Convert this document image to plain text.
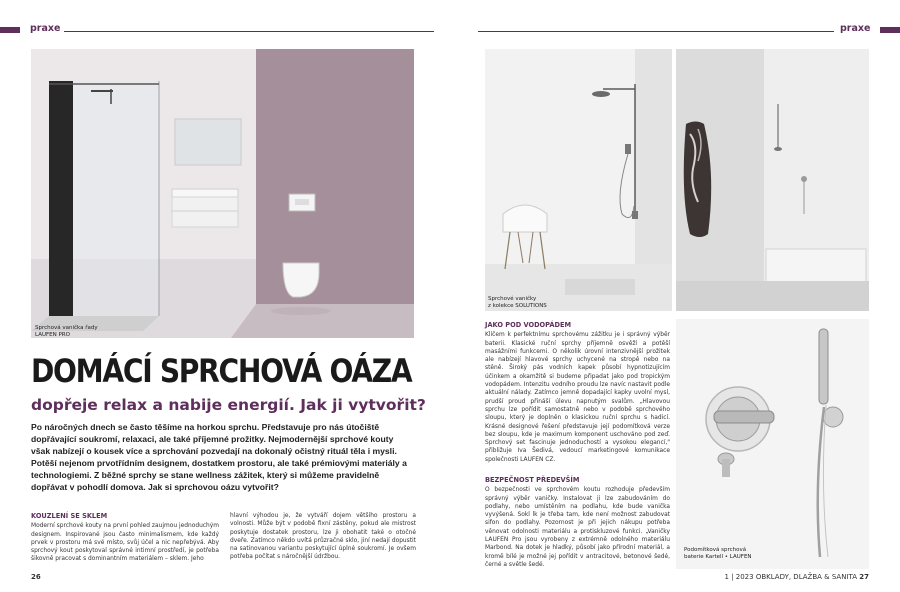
praxe	praxe
Sprchová vanička řady
LAUFEN PRO
Sprchové vaničky
z kolekce SOLUTIONS
Podomítková sprchová
baterie Kartell • LAUFEN
DOMÁCÍ SPRCHOVÁ OÁZA
dopřeje relax a nabije energií. Jak ji vytvořit?
Po náročných dnech se často těšíme na horkou sprchu. Představuje pro nás útočiště dopřávající soukromí, relaxaci, ale také příjemné prožitky. Nejmodernější sprchové kouty však nabízejí o kousek více a sprchování pozvedají na dokonalý očistný rituál těla i mysli. Potěší nejenom prvotřídním designem, dostatkem prostoru, ale také prémiovými materiály a technologiemi. Z běžné sprchy se stane wellness zážitek, který si můžeme pravidelně dopřávat v pohodlí domova. Jak si sprchovou oázu vytvořit?
KOUZLENÍ SE SKLEM

Moderní sprchové kouty na první pohled zaujmou jednoduchým designem. Inspirované jsou často minimalismem, kde každý prvek v prostoru má své místo, svůj účel a nic nepřebývá. Aby sprchový kout poskytoval správné intimní prostředí, je potřeba šikovně pracovat s dominantním materiálem – sklem. Jeho

hlavní výhodou je, že vytváří dojem většího prostoru a volnosti. Může být v podobě fixní zástěny, pokud ale mistrost poskytuje dostatek prostoru, lze ji obohatit také o otočné dveře. Zatímco někdo uvítá průzračné sklo, jiní nedají dopustit na satinovanou variantu poskytující úplné soukromí. Je ovšem potřeba počítat s náročnější údržbou.

JAKO POD VODOPÁDEM

Klíčem k perfektnímu sprchovému zážitku je i správný výběr baterii. Klasické ruční sprchy příjemně osvěží a potěší masážními funkcemi. O několik úrovní intenzivnější prožitek ale nabízejí hlavové sprchy uchycené na stropě nebo na stěně. Široký pás vodních kapek působí hypnotizujícím účinkem a okamžitě si budeme připadat jako pod tropickým vodopádem. Intenzitu vodního proudu lze navíc nastavit podle aktuální nálady. Zatímco jemně dopadající kapky uvolní mysl, prudší proud přináší úlevu napnutým svalům. „Hlavovou sprchu lze pořídit samostatně nebo v podobě sprchového sloupu, který je doplněn o klasickou ruční sprchu s hadicí. Krásné designové řešení představuje její podomítková verze bez sloupu, kde je maximum komponent uschováno pod zeď. Sprchový set fascinuje jednoduchostí a vysokou elegancí," přibližuje Iva Šedivá, vedoucí marketingové komunikace společnosti LAUFEN CZ.

BEZPEČNOST PŘEDEVŠÍM

O bezpečnosti ve sprchovém koutu rozhoduje především správný výběr vaničky. Instalovat ji lze zabudováním do podlahy, nebo umístěním na podlahu, kde bude vanička vyvýšená. Sokl lk je třeba tam, kde není možnost zabudovat sifon do podlahy. Pozornost je při jejich nákupu potřeba věnovat odolnosti materiálu a protiskluzové funkci. „Vaničky LAUFEN Pro jsou vyrobeny z extrémně odolného materiálu Marbond. Na dotek je hladký, působí jako přírodní materiál, a kromě bílé je možné jej pořídit v antracitové, betonové šedé, černé a světle šedé.

26	1 | 2023 OBKLADY, DLAŽBA & SANITA 27
